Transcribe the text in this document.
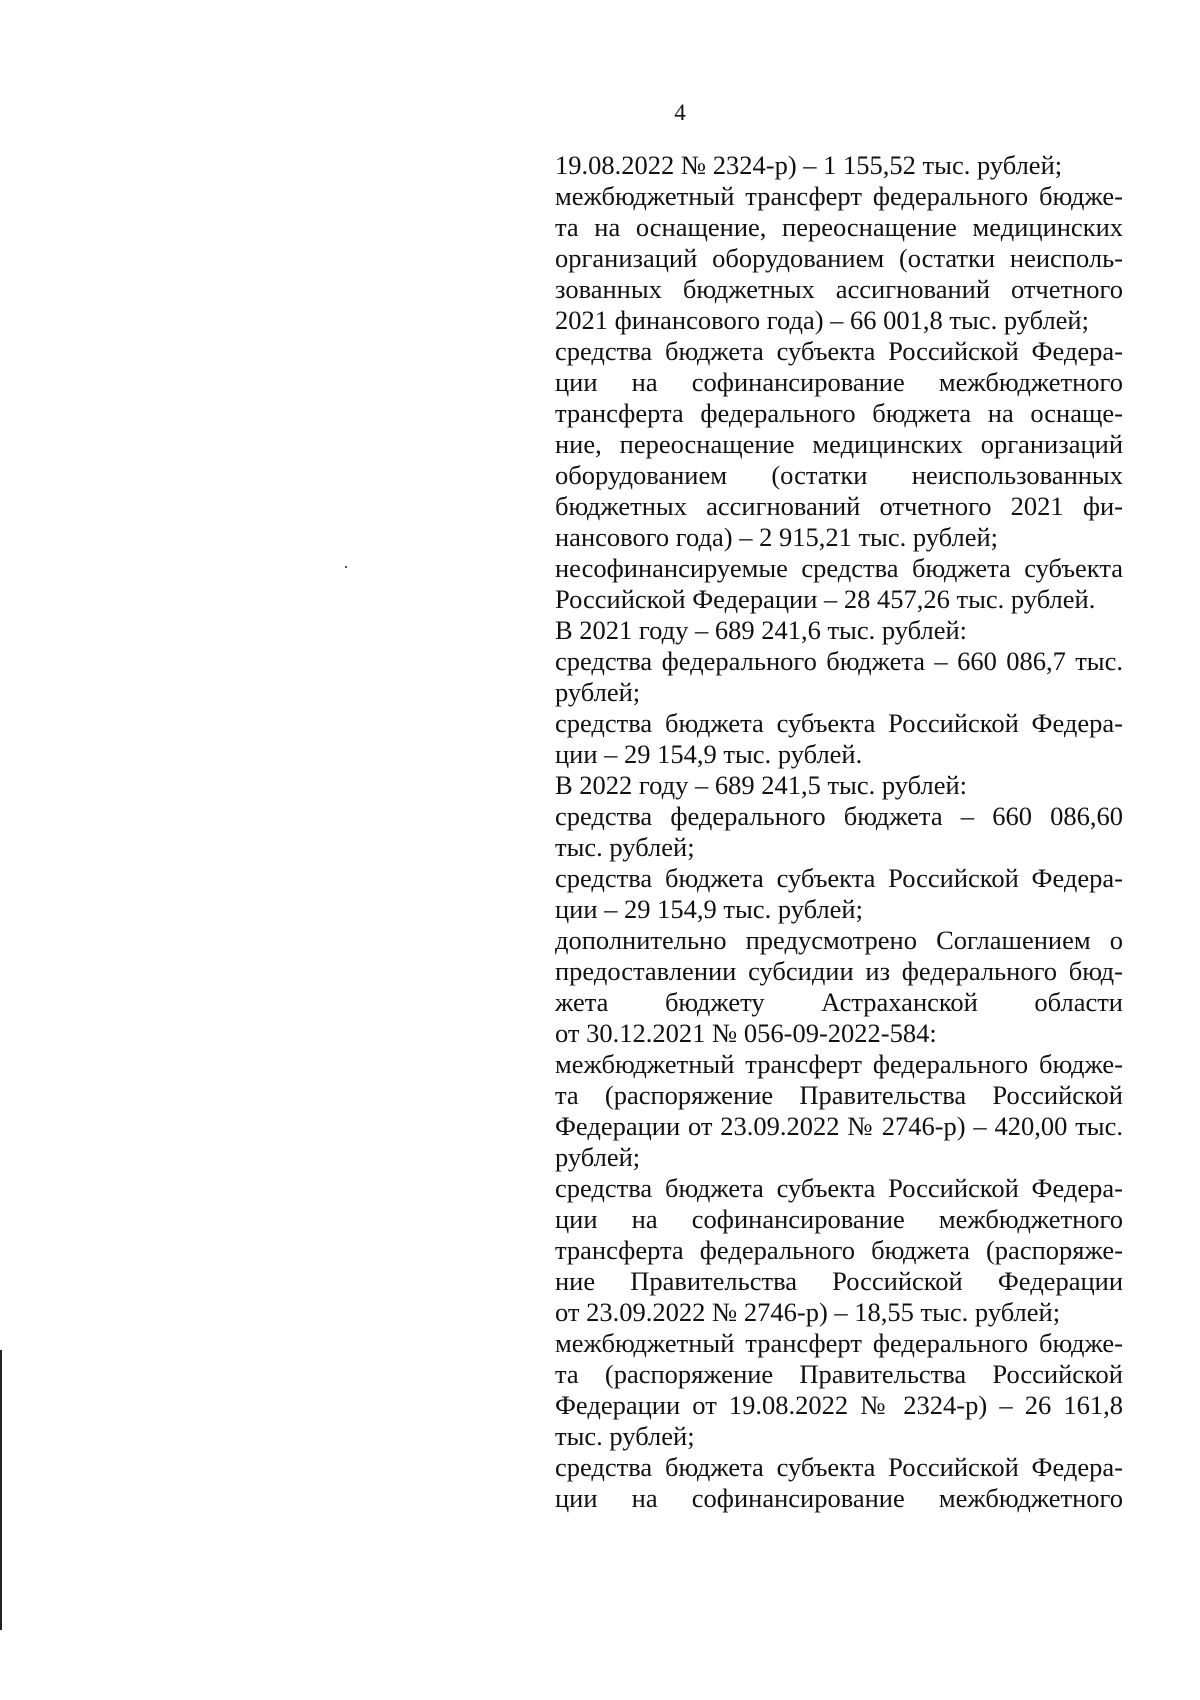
4
19.08.2022 № 2324-р) – 1 155,52 тыс. рублей;
межбюджетный трансферт федерального бюдже-
та на оснащение, переоснащение медицинских
организаций оборудованием (остатки неисполь-
зованных бюджетных ассигнований отчетного
2021 финансового года) – 66 001,8 тыс. рублей;
средства бюджета субъекта Российской Федера-
ции на софинансирование межбюджетного
трансферта федерального бюджета на оснаще-
ние, переоснащение медицинских организаций
оборудованием (остатки неиспользованных
бюджетных ассигнований отчетного 2021 фи-
нансового года) – 2 915,21 тыс. рублей;
несофинансируемые средства бюджета субъекта
Российской Федерации – 28 457,26 тыс. рублей.
В 2021 году – 689 241,6 тыс. рублей:
средства федерального бюджета – 660 086,7 тыс.
рублей;
средства бюджета субъекта Российской Федера-
ции – 29 154,9 тыс. рублей.
В 2022 году – 689 241,5 тыс. рублей:
средства федерального бюджета – 660 086,60
тыс. рублей;
средства бюджета субъекта Российской Федера-
ции – 29 154,9 тыс. рублей;
дополнительно предусмотрено Соглашением о
предоставлении субсидии из федерального бюд-
жета бюджету Астраханской области
от 30.12.2021 № 056-09-2022-584:
межбюджетный трансферт федерального бюдже-
та (распоряжение Правительства Российской
Федерации от 23.09.2022 № 2746-р) – 420,00 тыс.
рублей;
средства бюджета субъекта Российской Федера-
ции на софинансирование межбюджетного
трансферта федерального бюджета (распоряже-
ние Правительства Российской Федерации
от 23.09.2022 № 2746-р) – 18,55 тыс. рублей;
межбюджетный трансферт федерального бюдже-
та (распоряжение Правительства Российской
Федерации от 19.08.2022 № 2324-р) – 26 161,8
тыс. рублей;
средства бюджета субъекта Российской Федера-
ции на софинансирование межбюджетного
